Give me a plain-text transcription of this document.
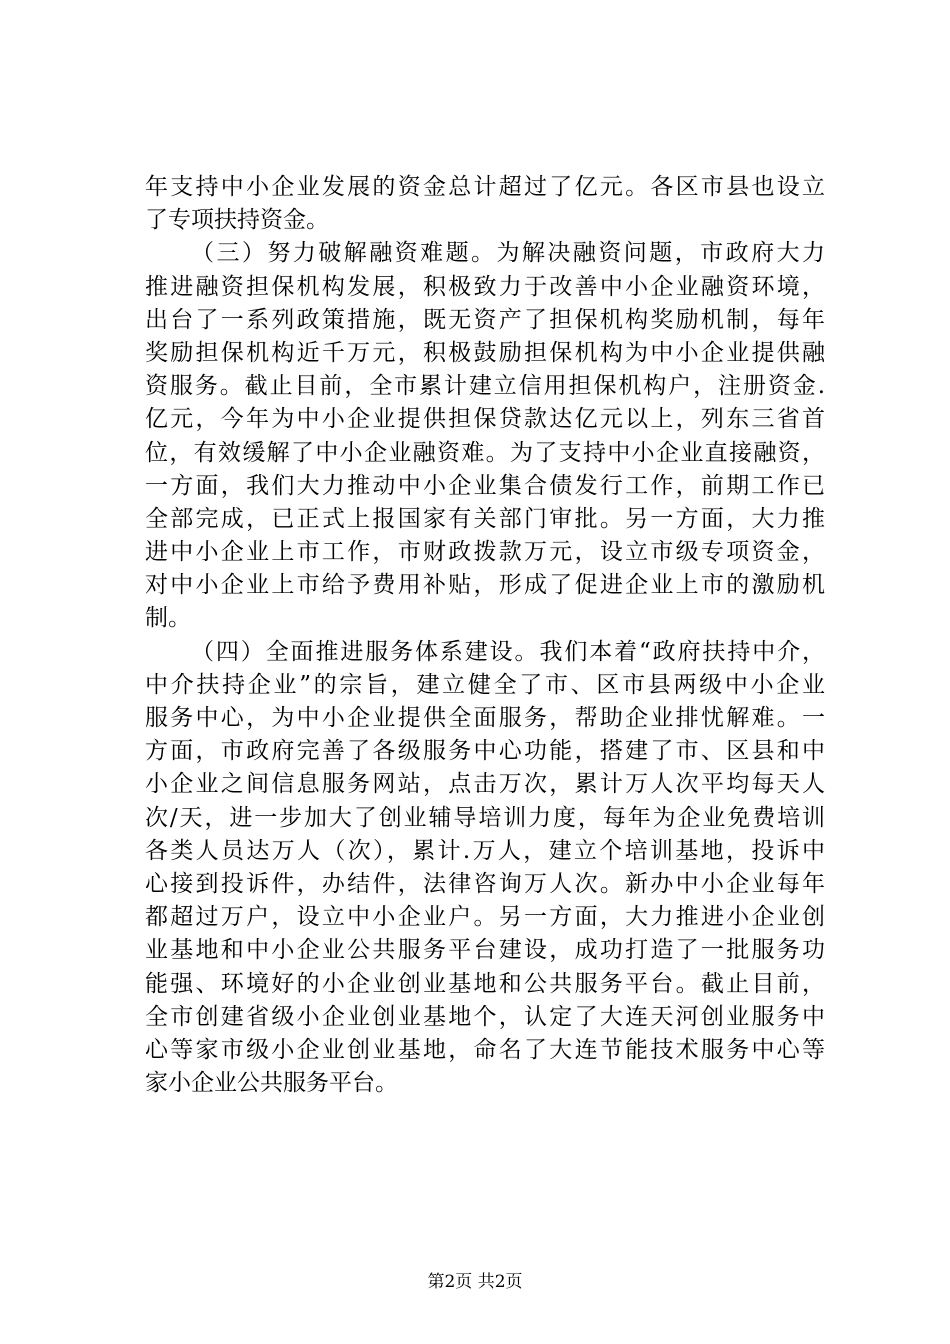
年支持中小企业发展的资金总计超过了亿元。各区市县也设立
了专项扶持资金。
（三）努力破解融资难题。为解决融资问题，市政府大力
推进融资担保机构发展，积极致力于改善中小企业融资环境，
出台了一系列政策措施，既无资产了担保机构奖励机制，每年
奖励担保机构近千万元，积极鼓励担保机构为中小企业提供融
资服务。截止目前，全市累计建立信用担保机构户，注册资金.
亿元，今年为中小企业提供担保贷款达亿元以上，列东三省首
位，有效缓解了中小企业融资难。为了支持中小企业直接融资，
一方面，我们大力推动中小企业集合债发行工作，前期工作已
全部完成，已正式上报国家有关部门审批。另一方面，大力推
进中小企业上市工作，市财政拨款万元，设立市级专项资金，
对中小企业上市给予费用补贴，形成了促进企业上市的激励机
制。
（四）全面推进服务体系建设。我们本着“政府扶持中介，
中介扶持企业”的宗旨，建立健全了市、区市县两级中小企业
服务中心，为中小企业提供全面服务，帮助企业排忧解难。一
方面，市政府完善了各级服务中心功能，搭建了市、区县和中
小企业之间信息服务网站，点击万次，累计万人次平均每天人
次/天，进一步加大了创业辅导培训力度，每年为企业免费培训
各类人员达万人（次），累计.万人，建立个培训基地，投诉中
心接到投诉件，办结件，法律咨询万人次。新办中小企业每年
都超过万户，设立中小企业户。另一方面，大力推进小企业创
业基地和中小企业公共服务平台建设，成功打造了一批服务功
能强、环境好的小企业创业基地和公共服务平台。截止目前，
全市创建省级小企业创业基地个，认定了大连天河创业服务中
心等家市级小企业创业基地，命名了大连节能技术服务中心等
家小企业公共服务平台。
第2页 共2页
